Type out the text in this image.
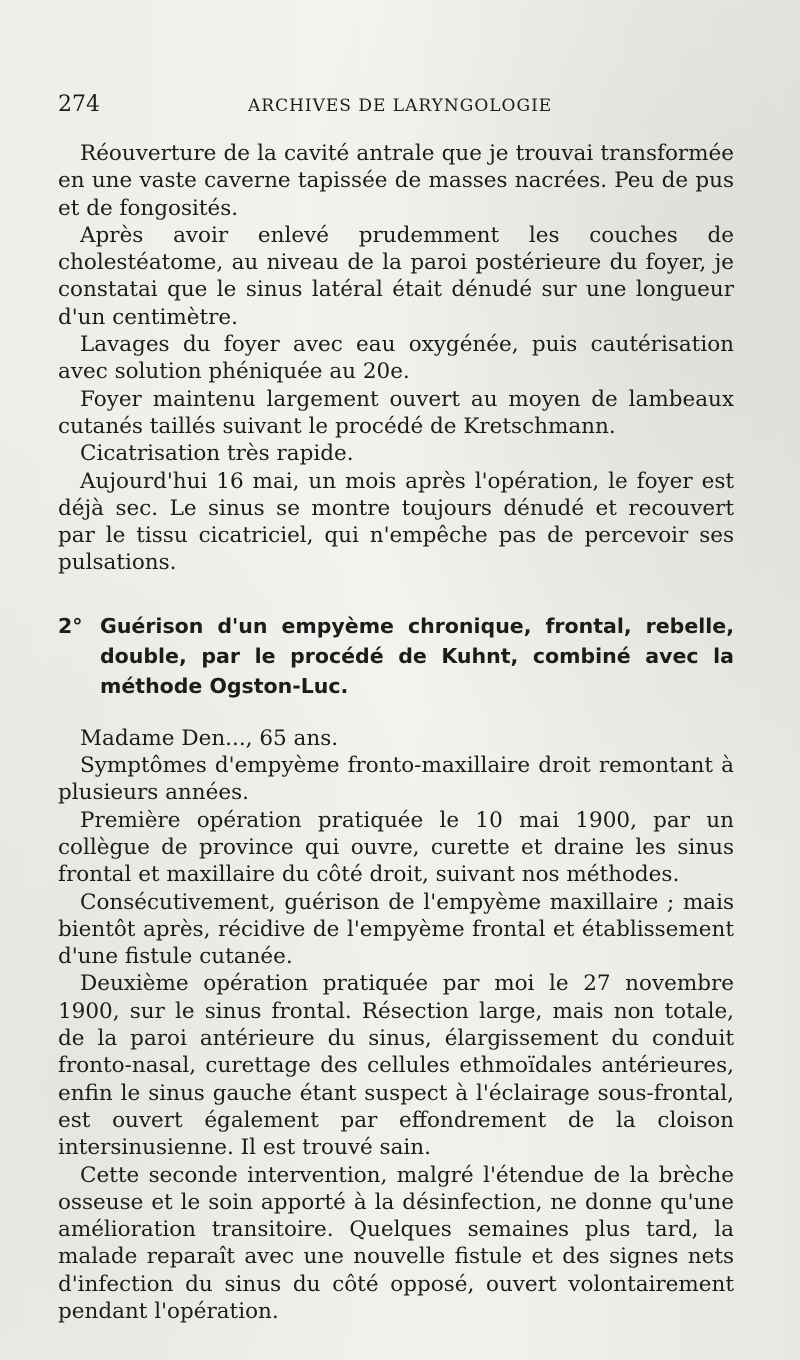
274	ARCHIVES DE LARYNGOLOGIE

Réouverture de la cavité antrale que je trouvai transformée en une vaste caverne tapissée de masses nacrées. Peu de pus et de fongosités.

Après avoir enlevé prudemment les couches de cholestéatome, au niveau de la paroi postérieure du foyer, je constatai que le sinus latéral était dénudé sur une longueur d'un centimètre.

Lavages du foyer avec eau oxygénée, puis cautérisation avec solution phéniquée au 20e.

Foyer maintenu largement ouvert au moyen de lambeaux cutanés taillés suivant le procédé de Kretschmann.

Cicatrisation très rapide.

Aujourd'hui 16 mai, un mois après l'opération, le foyer est déjà sec. Le sinus se montre toujours dénudé et recouvert par le tissu cicatriciel, qui n'empêche pas de percevoir ses pulsations.

2° Guérison d'un empyème chronique, frontal, rebelle, double, par le procédé de Kuhnt, combiné avec la méthode Ogston-Luc.

Madame Den..., 65 ans.

Symptômes d'empyème fronto-maxillaire droit remontant à plusieurs années.

Première opération pratiquée le 10 mai 1900, par un collègue de province qui ouvre, curette et draine les sinus frontal et maxillaire du côté droit, suivant nos méthodes.

Consécutivement, guérison de l'empyème maxillaire ; mais bientôt après, récidive de l'empyème frontal et établissement d'une fistule cutanée.

Deuxième opération pratiquée par moi le 27 novembre 1900, sur le sinus frontal. Résection large, mais non totale, de la paroi antérieure du sinus, élargissement du conduit fronto-nasal, curettage des cellules ethmoïdales antérieures, enfin le sinus gauche étant suspect à l'éclairage sous-frontal, est ouvert également par effondrement de la cloison intersinusienne. Il est trouvé sain.

Cette seconde intervention, malgré l'étendue de la brèche osseuse et le soin apporté à la désinfection, ne donne qu'une amélioration transitoire. Quelques semaines plus tard, la malade reparaît avec une nouvelle fistule et des signes nets d'infection du sinus du côté opposé, ouvert volontairement pendant l'opération.
